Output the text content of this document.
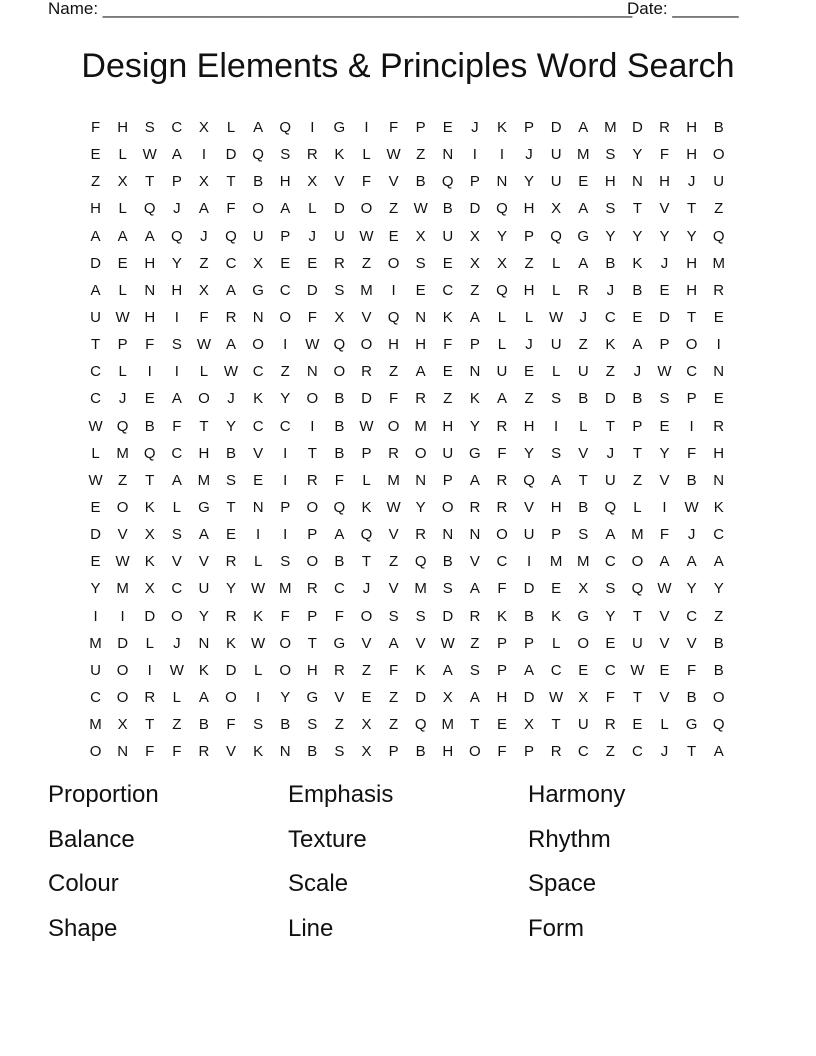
Name: ________________________________________________________
Date: _______
Design Elements & Principles Word Search
F	H	S	C	X	L	A	Q	I	G	I	F	P	E	J	K	P	D	A	M	D	R	H	B
E	L	W	A	I	D	Q	S	R	K	L	W	Z	N	I	I	J	U	M	S	Y	F	H	O
Z	X	T	P	X	T	B	H	X	V	F	V	B	Q	P	N	Y	U	E	H	N	H	J	U
H	L	Q	J	A	F	O	A	L	D	O	Z	W	B	D	Q	H	X	A	S	T	V	T	Z
A	A	A	Q	J	Q	U	P	J	U W	E	X	U	X	Y	P	Q	G	Y	Y	Y	Y	Q
D	E	H	Y	Z	C	X	E	E	R	Z	O	S	E	X	X	Z	L	A	B	K	J	H	M
A	L	N	H	X	A	G	C	D	S	M	I	E	C	Z	Q	H	L	R	J	B	E	H	R
U W H	I	F	R	N	O	F	X	V	Q	N	K	A	L	L	W	J	C	E	D	T	E
T	P	F	S	W	A	O	I	W Q	O	H	H	F	P	L	J	U	Z	K	A	P	O	I
C	L	I	I	L	W C	Z	N	O	R	Z	A	E	N	U	E	L	U	Z	J	W C	N
C	J	E	A	O	J	K	Y	O	B	D	F	R	Z	K	A	Z	S	B	D	B	S	P	E
W Q	B	F	T	Y	C	C	I	B	W O	M	H	Y	R	H	I	L	T	P	E	I	R
L	M	Q	C	H	B	V	I	T	B	P	R	O	U	G	F	Y	S	V	J	T	Y	F	H
W	Z	T	A	M	S	E	I	R	F	L	M	N	P	A	R	Q	A	T	U	Z	V	B	N
E	O	K	L	G	T	N	P	O	Q	K	W	Y	O	R	R	V	H	B	Q	L	I	W	K
D	V	X	S	A	E	I	I	P	A	Q	V	R	N	N	O	U	P	S	A	M	F	J	C
E	W	K	V	V	R	L	S	O	B	T	Z	Q	B	V	C	I	M M	C	O	A	A	A
Y	M	X	C	U	Y	W M	R	C	J	V	M	S	A	F	D	E	X	S	Q W	Y	Y
I	I	D	O	Y	R	K	F	P	F	O	S	S	D	R	K	B	K	G	Y	T	V	C	Z
M	D	L	J	N	K	W O	T	G	V	A	V	W	Z	P	P	L	O	E	U	V	V	B
U	O	I	W	K	D	L	O	H	R	Z	F	K	A	S	P	A	C	E	C W	E	F	B
C	O	R	L	A	O	I	Y	G	V	E	Z	D	X	A	H	D W	X	F	T	V	B	O
M	X	T	Z	B	F	S	B	S	Z	X	Z	Q	M	T	E	X	T	U	R	E	L	G	Q
O	N	F	F	R	V	K	N	B	S	X	P	B	H	O	F	P	R	C	Z	C	J	T	A
Proportion	Emphasis	Harmony
Balance	Texture	Rhythm
Colour	Scale	Space
Shape	Line	Form
